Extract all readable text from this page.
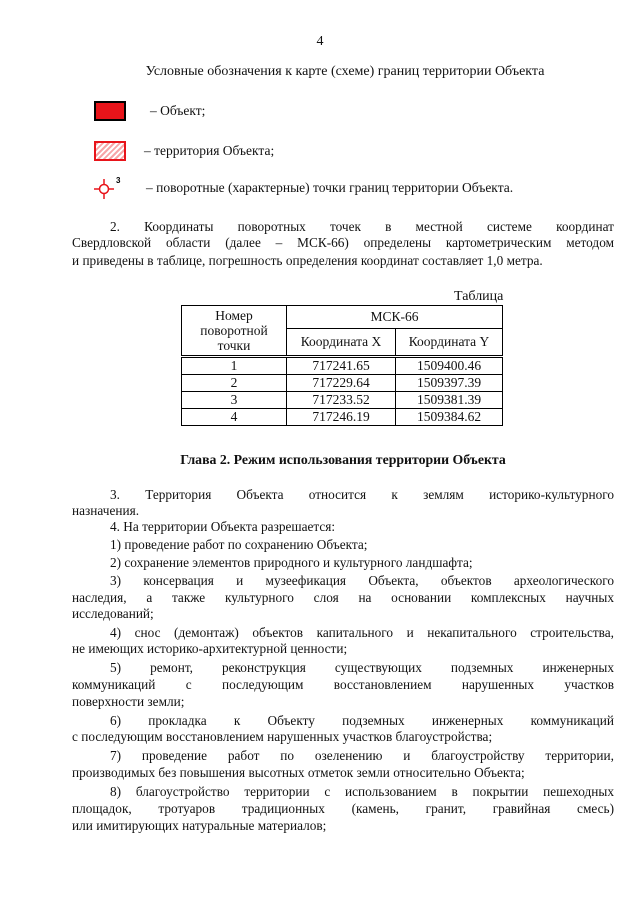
4
Условные обозначения к карте (схеме) границ территории Объекта
– Объект;
– территория Объекта;
3 – поворотные (характерные) точки границ территории Объекта.
2. Координаты поворотных точек в местной системе координат
Свердловской области (далее – МСК-66) определены картометрическим методом
и приведены в таблице, погрешность определения координат составляет 1,0 метра.
Таблица
Номер поворотной точки	МСК-66	
	Координата X	Координата Y
1	717241.65	1509400.46
2	717229.64	1509397.39
3	717233.52	1509381.39
4	717246.19	1509384.62
Глава 2. Режим использования территории Объекта
3. Территория Объекта относится к землям историко-культурного
назначения.
4. На территории Объекта разрешается:
1) проведение работ по сохранению Объекта;
2) сохранение элементов природного и культурного ландшафта;
3) консервация и музеефикация Объекта, объектов археологического
наследия, а также культурного слоя на основании комплексных научных
исследований;
4) снос (демонтаж) объектов капитального и некапитального строительства,
не имеющих историко-архитектурной ценности;
5) ремонт, реконструкция существующих подземных инженерных
коммуникаций с последующим восстановлением нарушенных участков
поверхности земли;
6) прокладка к Объекту подземных инженерных коммуникаций
с последующим восстановлением нарушенных участков благоустройства;
7) проведение работ по озеленению и благоустройству территории,
производимых без повышения высотных отметок земли относительно Объекта;
8) благоустройство территории с использованием в покрытии пешеходных
площадок, тротуаров традиционных (камень, гранит, гравийная смесь)
или имитирующих натуральные материалов;
